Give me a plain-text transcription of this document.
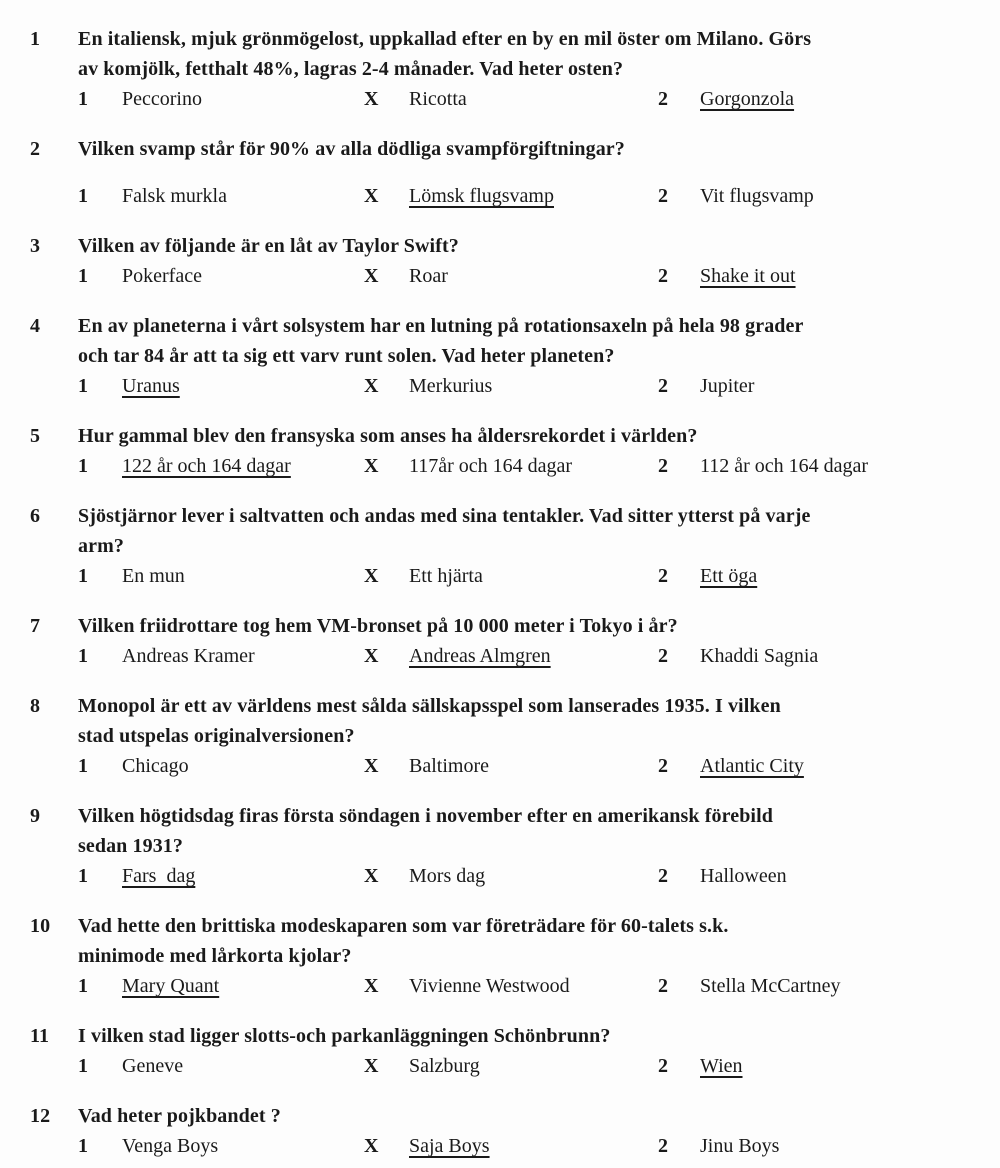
1	En italiensk, mjuk grönmögelost, uppkallad efter en by en mil öster om Milano. Görs
av komjölk, fetthalt 48%, lagras 2-4 månader. Vad heter osten?
1	Peccorino	X	Ricotta	2	Gorgonzola
2	Vilken svamp står för 90% av alla dödliga svampförgiftningar?
1	Falsk murkla	X	Lömsk flugsvamp	2	Vit flugsvamp
3	Vilken av följande är en låt av Taylor Swift?
1	Pokerface	X	Roar	2	Shake it out
4	En av planeterna i vårt solsystem har en lutning på rotationsaxeln på hela 98 grader
och tar 84 år att ta sig ett varv runt solen. Vad heter planeten?
1	Uranus	X	Merkurius	2	Jupiter
5	Hur gammal blev den fransyska som anses ha åldersrekordet i världen?
1	122 år och 164 dagar	X	117år och 164 dagar	2	112 år och 164 dagar
6	Sjöstjärnor lever i saltvatten och andas med sina tentakler. Vad sitter ytterst på varje
arm?
1	En mun	X	Ett hjärta	2	Ett öga
7	Vilken friidrottare tog hem VM-bronset på 10 000 meter i Tokyo i år?
1	Andreas Kramer	X	Andreas Almgren	2	Khaddi Sagnia
8	Monopol är ett av världens mest sålda sällskapsspel som lanserades 1935. I vilken
stad utspelas originalversionen?
1	Chicago	X	Baltimore	2	Atlantic City
9	Vilken högtidsdag firas första söndagen i november efter en amerikansk förebild
sedan 1931?
1	Fars  dag	X	Mors dag	2	Halloween
10	Vad hette den brittiska modeskaparen som var företrädare för 60-talets s.k.
minimode med lårkorta kjolar?
1	Mary Quant	X	Vivienne Westwood	2	Stella McCartney
11	I vilken stad ligger slotts-och parkanläggningen Schönbrunn?
1	Geneve	X	Salzburg	2	Wien
12	Vad heter pojkbandet ?
1	Venga Boys	X	Saja Boys	2	Jinu Boys
